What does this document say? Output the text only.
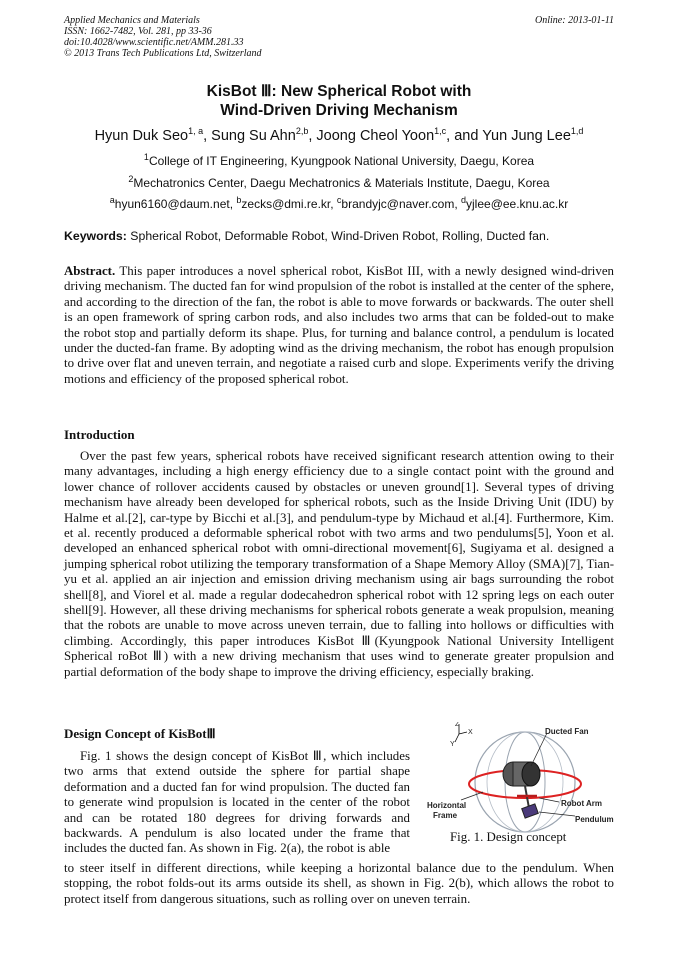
Applied Mechanics and Materials
ISSN: 1662-7482, Vol. 281, pp 33-36
doi:10.4028/www.scientific.net/AMM.281.33
© 2013 Trans Tech Publications Ltd, Switzerland
Online: 2013-01-11
KisBot Ⅲ: New Spherical Robot with
Wind-Driven Driving Mechanism
Hyun Duk Seo$^{1, a}$, Sung Su Ahn$^{2,b}$, Joong Cheol Yoon$^{1,c}$, and Yun Jung Lee$^{1,d}$
$^1$College of IT Engineering, Kyungpook National University, Daegu, Korea
$^2$Mechatronics Center, Daegu Mechatronics & Materials Institute, Daegu, Korea
$^a$hyun6160@daum.net, $^b$zecks@dmi.re.kr, $^c$brandyjc@naver.com, $^d$yjlee@ee.knu.ac.kr
Keywords: Spherical Robot, Deformable Robot, Wind-Driven Robot, Rolling, Ducted fan.

Abstract. This paper introduces a novel spherical robot, KisBot III, with a newly designed wind-driven driving mechanism. The ducted fan for wind propulsion of the robot is installed at the center of the sphere, and according to the direction of the fan, the robot is able to move forwards or backwards. The outer shell is an open framework of spring carbon rods, and also includes two arms that can be folded-out to make the robot stop and partially deform its shape. Plus, for turning and balance control, a pendulum is located under the ducted-fan frame. By adopting wind as the driving mechanism, the robot has enough propulsion to drive over flat and uneven terrain, and negotiate a raised curb and slope. Experiments verify the driving motions and efficiency of the proposed spherical robot.

Introduction

Over the past few years, spherical robots have received significant research attention owing to their many advantages, including a high energy efficiency due to a single contact point with the ground and lower chance of rollover accidents caused by obstacles or uneven ground[1]. Several types of driving mechanism have already been developed for spherical robots, such as the Inside Driving Unit (IDU) by Halme et al.[2], car-type by Bicchi et al.[3], and pendulum-type by Michaud et al.[4]. Furthermore, Kim. et al. recently produced a deformable spherical robot with two arms and two pendulums[5], Yoon et al. developed an enhanced spherical robot with omni-directional movement[6], Sugiyama et al. designed a jumping spherical robot utilizing the temporary transformation of a Shape Memory Alloy (SMA)[7], Tian-yu et al. applied an air injection and emission driving mechanism using air bags surrounding the robot shell[8], and Viorel et al. made a regular dodecahedron spherical robot with 12 spring legs on each outer shell[9]. However, all these driving mechanisms for spherical robots generate a weak propulsion, meaning that the robots are unable to move across uneven terrain, due to falling into hollows or difficulties with climbing. Accordingly, this paper introduces KisBot Ⅲ(Kyungpook National University Intelligent Spherical roBot Ⅲ) with a new driving mechanism that uses wind to generate greater propulsion and partial deformation of the body shape to improve the driving efficiency, especially braking.

Design Concept of KisBotⅢ

Fig. 1 shows the design concept of KisBot Ⅲ, which includes two arms that extend outside the sphere for partial shape deformation and a ducted fan for wind propulsion. The ducted fan to generate wind propulsion is located in the center of the robot and can be rotated 180 degrees for driving forwards and backwards. A pendulum is also located under the frame that includes the ducted fan. As shown in Fig. 2(a), the robot is able

to steer itself in different directions, while keeping a horizontal balance due to the pendulum. When stopping, the robot folds-out its arms outside its shell, as shown in Fig. 2(b), which allows the robot to protect itself from dangerous situations, such as rolling over on uneven terrain.

Z
X
Y
Ducted Fan
Horizontal
Frame
Robot Arm
Pendulum
Fig. 1. Design concept
